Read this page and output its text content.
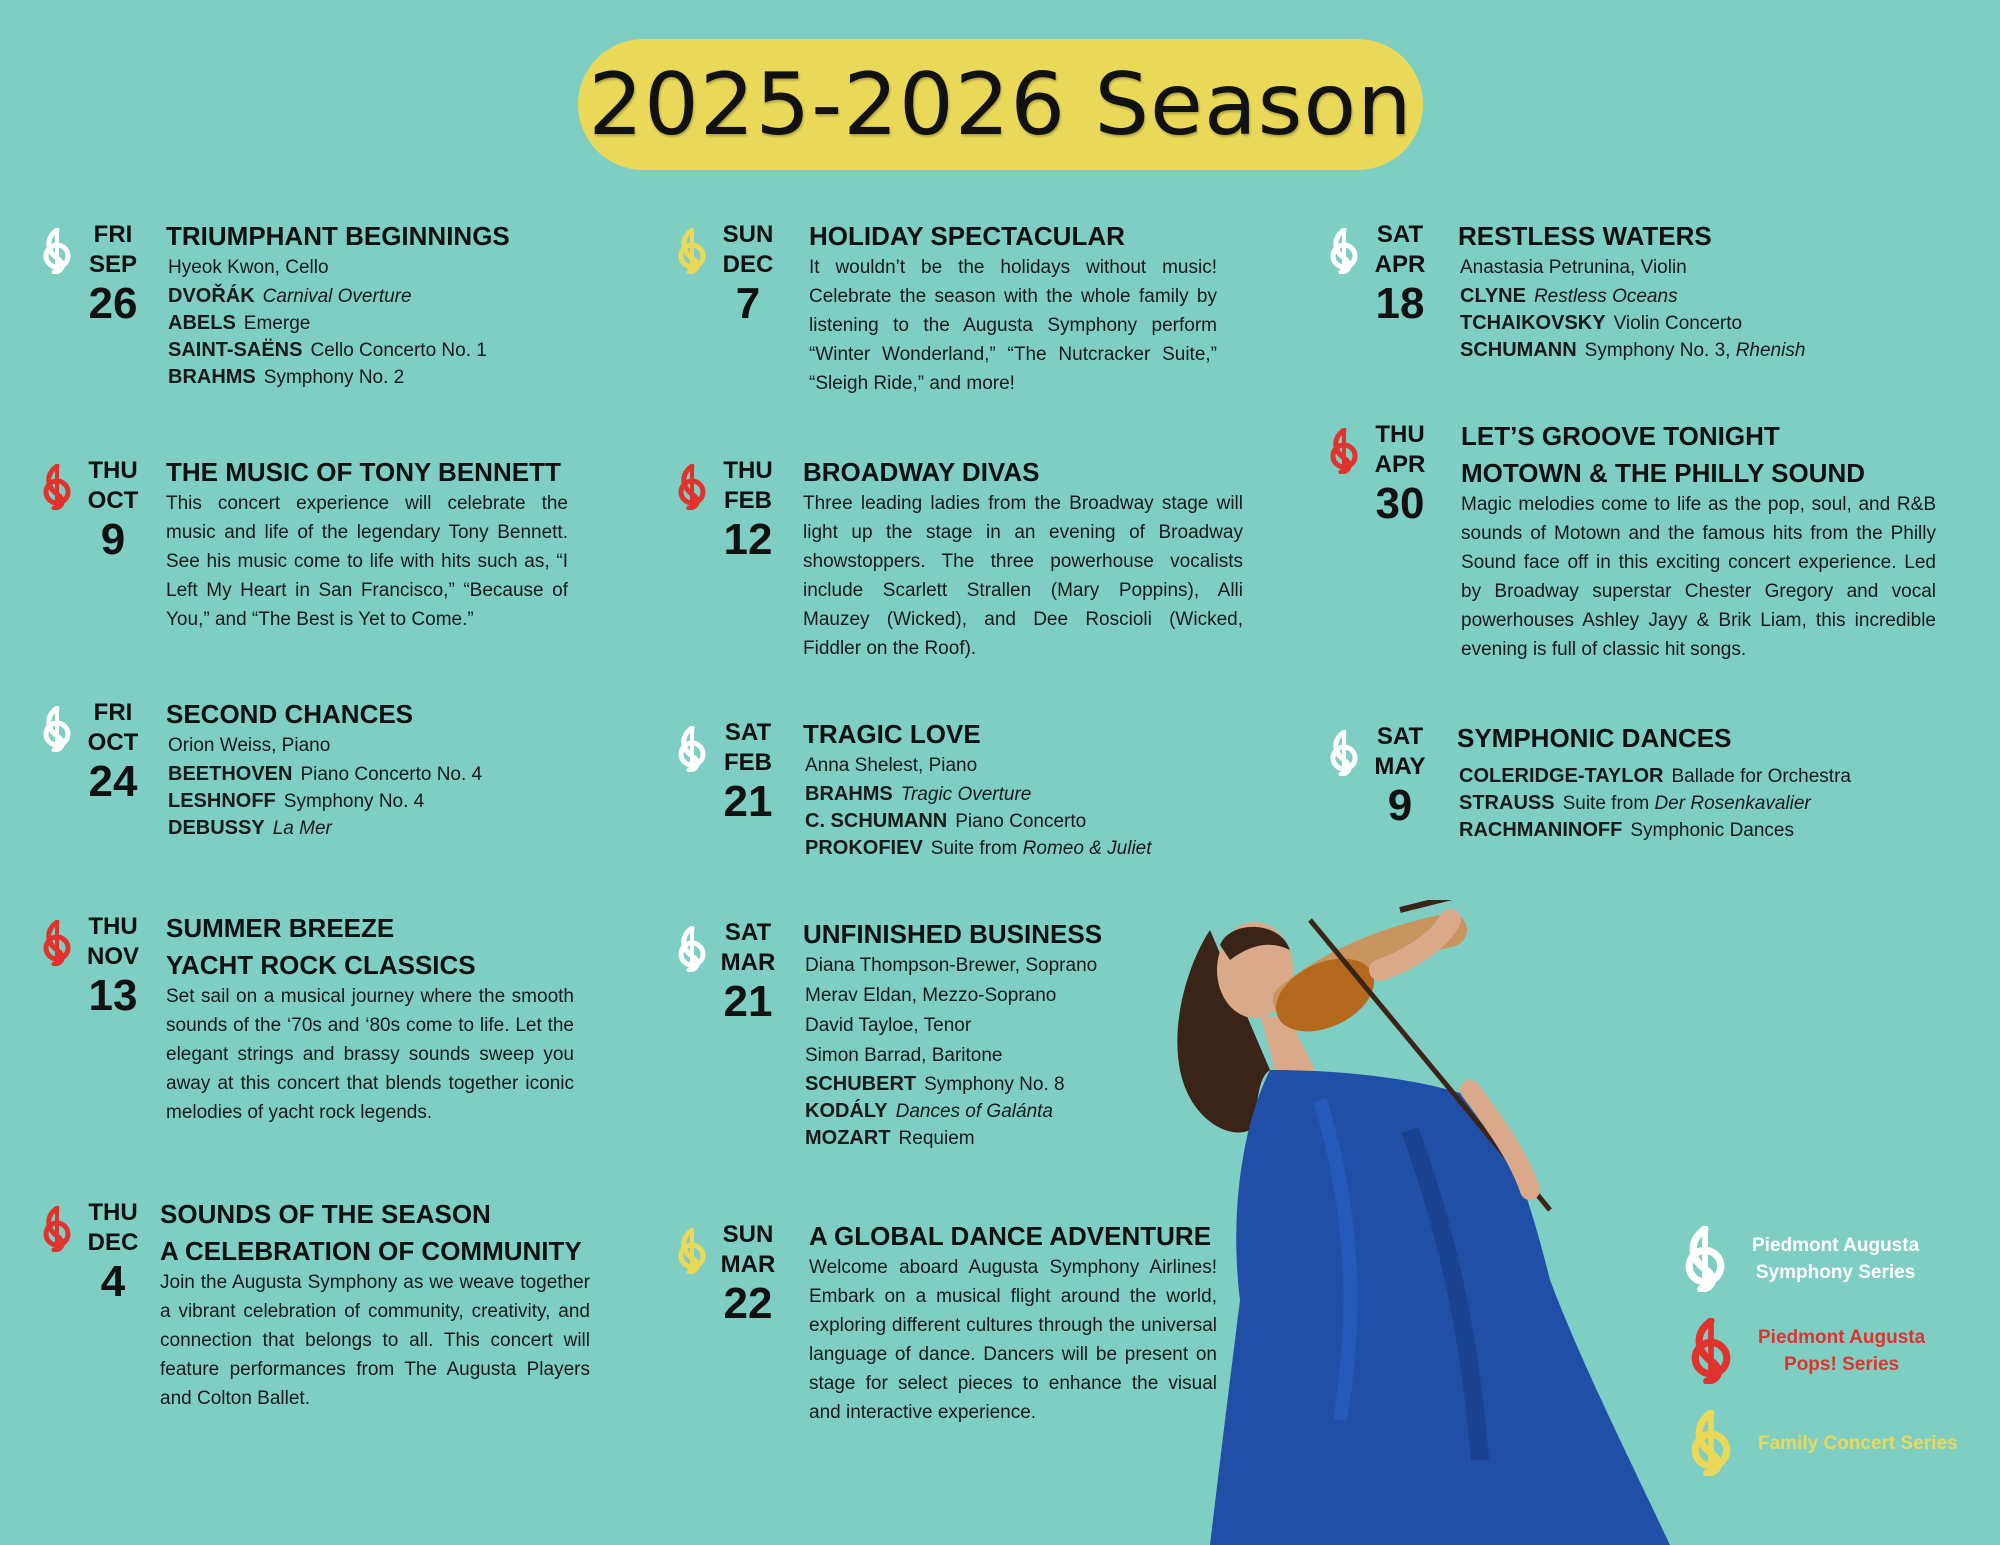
2025-2026 Season
FRI
SEP
26
TRIUMPHANT BEGINNINGS
Hyeok Kwon, Cello
DVOŘÁK Carnival Overture
ABELS Emerge
SAINT-SAËNS Cello Concerto No. 1
BRAHMS Symphony No. 2
THU
OCT
9
THE MUSIC OF TONY BENNETT
This concert experience will celebrate the music and life of the legendary Tony Bennett. See his music come to life with hits such as, “I Left My Heart in San Francisco,” “Because of You,” and “The Best is Yet to Come.”
FRI
OCT
24
SECOND CHANCES
Orion Weiss, Piano
BEETHOVEN Piano Concerto No. 4
LESHNOFF Symphony No. 4
DEBUSSY La Mer
THU
NOV
13
SUMMER BREEZE
YACHT ROCK CLASSICS
Set sail on a musical journey where the smooth sounds of the ‘70s and ‘80s come to life. Let the elegant strings and brassy sounds sweep you away at this concert that blends together iconic melodies of yacht rock legends.
THU
DEC
4
SOUNDS OF THE SEASON
A CELEBRATION OF COMMUNITY
Join the Augusta Symphony as we weave together a vibrant celebration of community, creativity, and connection that belongs to all. This concert will feature performances from The Augusta Players and Colton Ballet.
SUN
DEC
7
HOLIDAY SPECTACULAR
It wouldn’t be the holidays without music! Celebrate the season with the whole family by listening to the Augusta Symphony perform “Winter Wonderland,” “The Nutcracker Suite,” “Sleigh Ride,” and more!
THU
FEB
12
BROADWAY DIVAS
Three leading ladies from the Broadway stage will light up the stage in an evening of Broadway showstoppers. The three powerhouse vocalists include Scarlett Strallen (Mary Poppins), Alli Mauzey (Wicked), and Dee Roscioli (Wicked, Fiddler on the Roof).
SAT
FEB
21
TRAGIC LOVE
Anna Shelest, Piano
BRAHMS Tragic Overture
C. SCHUMANN Piano Concerto
PROKOFIEV Suite from Romeo & Juliet
SAT
MAR
21
UNFINISHED BUSINESS
Diana Thompson-Brewer, Soprano
Merav Eldan, Mezzo-Soprano
David Tayloe, Tenor
Simon Barrad, Baritone
SCHUBERT Symphony No. 8
KODÁLY Dances of Galánta
MOZART Requiem
SUN
MAR
22
A GLOBAL DANCE ADVENTURE
Welcome aboard Augusta Symphony Airlines! Embark on a musical flight around the world, exploring different cultures through the universal language of dance. Dancers will be present on stage for select pieces to enhance the visual and interactive experience.
SAT
APR
18
RESTLESS WATERS
Anastasia Petrunina, Violin
CLYNE Restless Oceans
TCHAIKOVSKY Violin Concerto
SCHUMANN Symphony No. 3, Rhenish
THU
APR
30
LET’S GROOVE TONIGHT
MOTOWN & THE PHILLY SOUND
Magic melodies come to life as the pop, soul, and R&B sounds of Motown and the famous hits from the Philly Sound face off in this exciting concert experience. Led by Broadway superstar Chester Gregory and vocal powerhouses Ashley Jayy & Brik Liam, this incredible evening is full of classic hit songs.
SAT
MAY
9
SYMPHONIC DANCES
COLERIDGE-TAYLOR Ballade for Orchestra
STRAUSS Suite from Der Rosenkavalier
RACHMANINOFF Symphonic Dances
Piedmont Augusta
Symphony Series
Piedmont Augusta
Pops! Series
Family Concert Series
